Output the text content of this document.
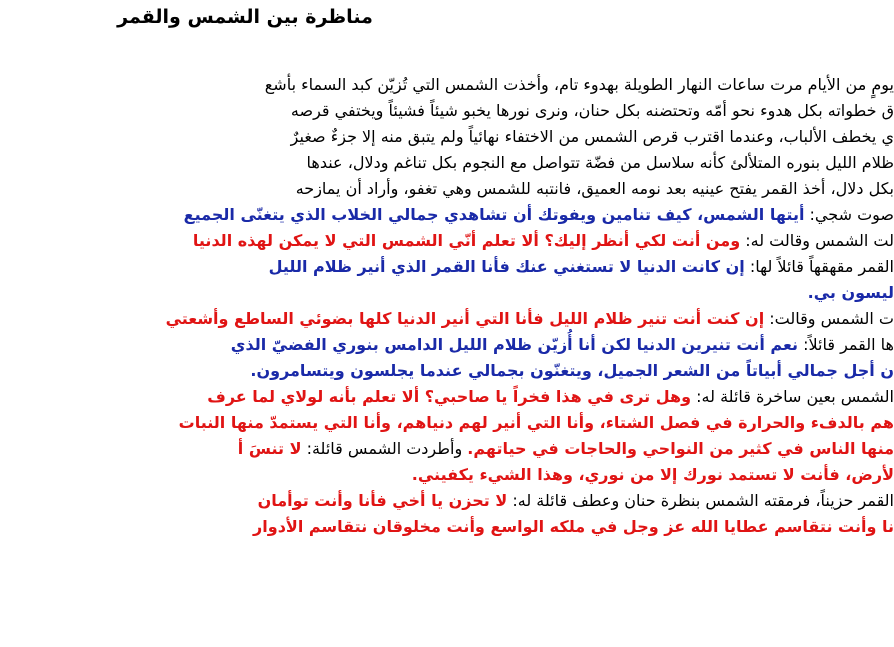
مناظرة بين الشمس والقمر
يومٍ من الأيام مرت ساعات النهار الطويلة بهدوء تام، وأخذت الشمس التي تُزيّن كبد السماء بأشع
ق خطواته بكل هدوء نحو أمّه وتحتضنه بكل حنان، ونرى نورها يخبو شيئاً فشيئاً ويختفي قرصه
ي يخطف الألباب، وعندما اقترب قرص الشمس من الاختفاء نهائياً ولم يتبق منه إلا جزءٌ صغيرٌ
ظلام الليل بنوره المتلألئ كأنه سلاسل من فضّة تتواصل مع النجوم بكل تناغم ودلال، عندها
بكل دلال، أخذ القمر يفتح عينيه بعد نومه العميق، فانتبه للشمس وهي تغفو، وأراد أن يمازحه
صوت شجي: أيتها الشمس، كيف تنامين ويفوتك أن تشاهدي جمالي الخلاب الذي يتغنّى الجميع
لت الشمس وقالت له: ومن أنت لكي أنظر إليك؟ ألا تعلم أنّي الشمس التي لا يمكن لهذه الدنيا
القمر مقهقهاً قائلاً لها: إن كانت الدنيا لا تستغني عنك فأنا القمر الذي أنير ظلام الليل
ليسون بي.
ت الشمس وقالت: إن كنت أنت تنير ظلام الليل فأنا التي أنير الدنيا كلها بضوئي الساطع وأشعتي
ها القمر قائلاً: نعم أنت تنيرين الدنيا لكن أنا أُزيّن ظلام الليل الدامس بنوري الفضيّ الذي
ن أجل جمالي أبياتاً من الشعر الجميل، ويتغنّون بجمالي عندما يجلسون ويتسامرون.
الشمس بعين ساخرة قائلة له: وهل ترى في هذا فخراً يا صاحبي؟ ألا تعلم بأنه لولاي لما عرف
هم بالدفء والحرارة في فصل الشتاء، وأنا التي أنير لهم دنياهم، وأنا التي يستمدّ منها النبات
منها الناس في كثير من النواحي والحاجات في حياتهم. وأطردت الشمس قائلة: لا تنسَ أ
لأرض، فأنت لا تستمد نورك إلا من نوري، وهذا الشيء يكفيني.
القمر حزيناً، فرمقته الشمس بنظرة حنان وعطف قائلة له: لا تحزن يا أخي فأنا وأنت توأمان
نا وأنت نتقاسم عطايا الله عز وجل في ملكه الواسع وأنت مخلوقان نتقاسم الأدوار
